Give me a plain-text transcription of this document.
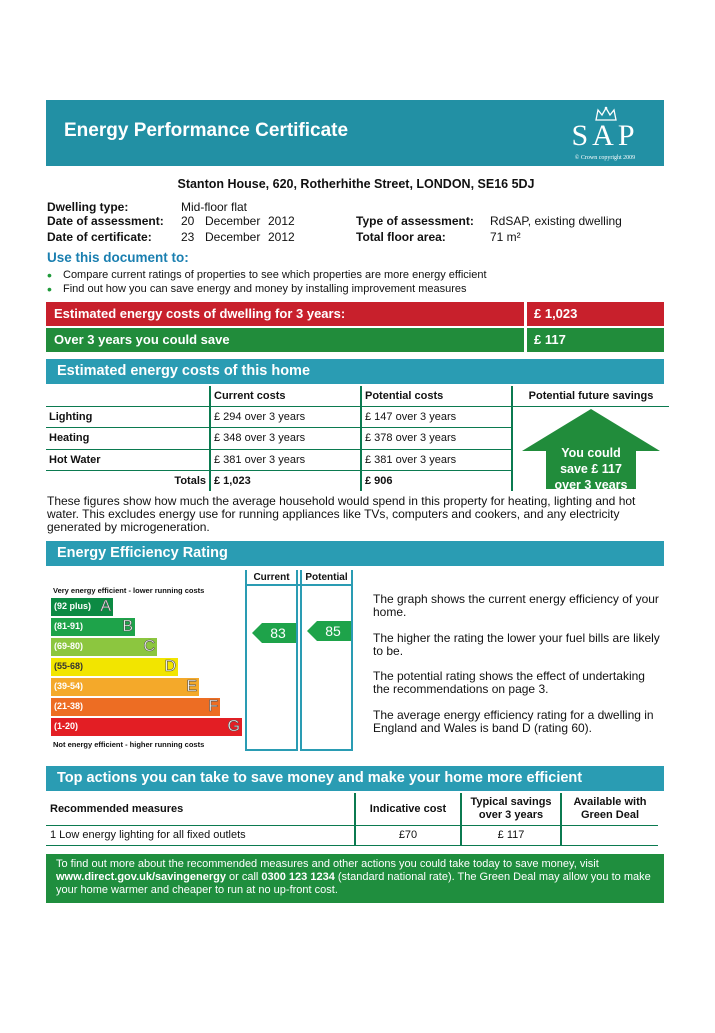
Energy Performance Certificate	SAP
© Crown copyright 2009
Stanton House, 620, Rotherhithe Street, LONDON, SE16 5DJ
Dwelling type:	Mid-floor flat
Date of assessment: 20 December 2012
Date of certificate: 23 December 2012
Type of assessment: RdSAP, existing dwelling
Total floor area:	71 m²
Use this document to:
• Compare current ratings of properties to see which properties are more energy efficient
• Find out how you can save energy and money by installing improvement measures
Estimated energy costs of dwelling for 3 years:	£ 1,023
Over 3 years you could save	£ 117
Estimated energy costs of this home
	Current costs	Potential costs	Potential future savings
Lighting	£ 294 over 3 years	£ 147 over 3 years	You could
save £ 117
over 3 years

Heating	£ 348 over 3 years	£ 378 over 3 years	
Hot Water	£ 381 over 3 years	£ 381 over 3 years	
Totals	£ 1,023	£ 906	
These figures show how much the average household would spend in this property for heating, lighting and hot water. This excludes energy use for running appliances like TVs, computers and cookers, and any electricity generated by microgeneration.
Energy Efficiency Rating
Very energy efficient - lower running costs
Not energy efficient - higher running costs
(92 plus) A
(81-91) B
(69-80)	C
(55-68)	D
(39-54)	E
(21-38)	F
(1-20)	G
Current	Potential
83	85
The graph shows the current energy efficiency of your home.
The higher the rating the lower your fuel bills are likely to be.
The potential rating shows the effect of undertaking the recommendations on page 3.
The average energy efficiency rating for a dwelling in England and Wales is band D (rating 60).
Top actions you can take to save money and make your home more efficient
Recommended measures	Indicative cost	Typical savings
over 3 years	Available with
Green Deal
1 Low energy lighting for all fixed outlets	£70	£ 117	
To find out more about the recommended measures and other actions you could take today to save money, visit
www.direct.gov.uk/savingenergy or call 0300 123 1234 (standard national rate). The Green Deal may allow you to make your home warmer and cheaper to run at no up-front cost.
